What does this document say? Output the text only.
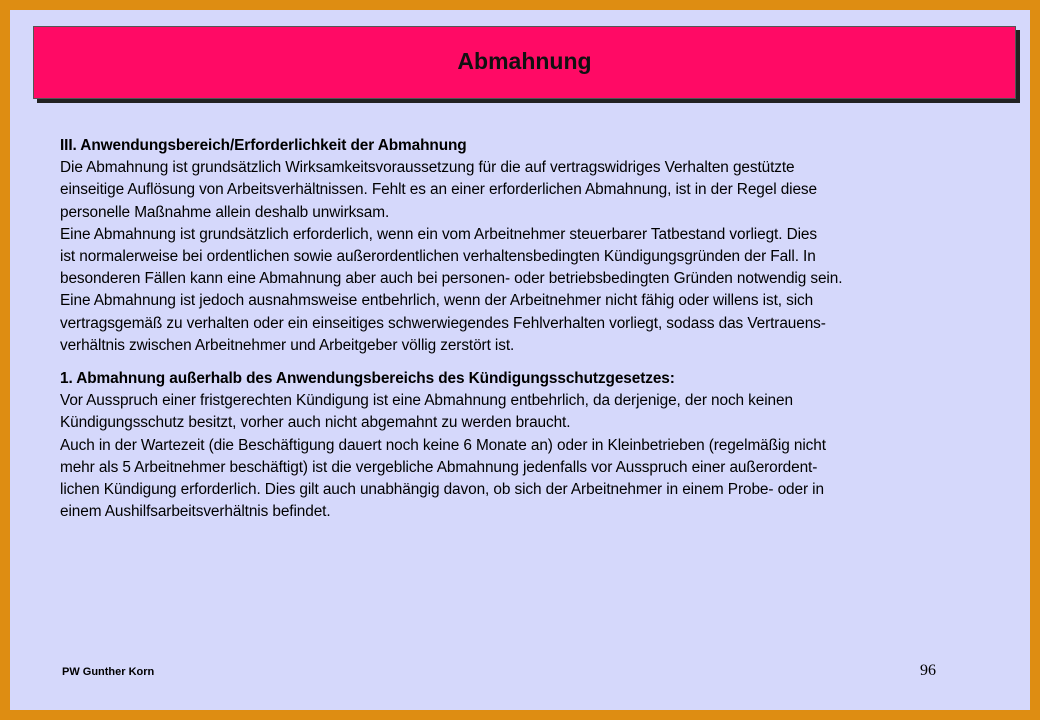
Abmahnung
III. Anwendungsbereich/Erforderlichkeit der Abmahnung
Die Abmahnung ist grundsätzlich Wirksamkeitsvoraussetzung für die auf vertragswidriges Verhalten gestützte
einseitige Auflösung von Arbeitsverhältnissen. Fehlt es an einer erforderlichen Abmahnung, ist in der Regel diese
personelle Maßnahme allein deshalb unwirksam.
Eine Abmahnung ist grundsätzlich erforderlich, wenn ein vom Arbeitnehmer steuerbarer Tatbestand vorliegt. Dies
ist normalerweise bei ordentlichen sowie außerordentlichen verhaltensbedingten Kündigungsgründen der Fall. In
besonderen Fällen kann eine Abmahnung aber auch bei personen- oder betriebsbedingten Gründen notwendig sein.
Eine Abmahnung ist jedoch ausnahmsweise entbehrlich, wenn der Arbeitnehmer nicht fähig oder willens ist, sich
vertragsgemäß zu verhalten oder ein einseitiges schwerwiegendes Fehlverhalten vorliegt, sodass das Vertrauens-
verhältnis zwischen Arbeitnehmer und Arbeitgeber völlig zerstört ist.
1. Abmahnung außerhalb des Anwendungsbereichs des Kündigungsschutzgesetzes:
Vor Ausspruch einer fristgerechten Kündigung ist eine Abmahnung entbehrlich, da derjenige, der noch keinen
Kündigungsschutz besitzt, vorher auch nicht abgemahnt zu werden braucht.
Auch in der Wartezeit (die Beschäftigung dauert noch keine 6 Monate an) oder in Kleinbetrieben (regelmäßig nicht
mehr als 5 Arbeitnehmer beschäftigt) ist die vergebliche Abmahnung jedenfalls vor Ausspruch einer außerordent-
lichen Kündigung erforderlich. Dies gilt auch unabhängig davon, ob sich der Arbeitnehmer in einem Probe- oder in
einem Aushilfsarbeitsverhältnis befindet.
PW Gunther Korn	96
